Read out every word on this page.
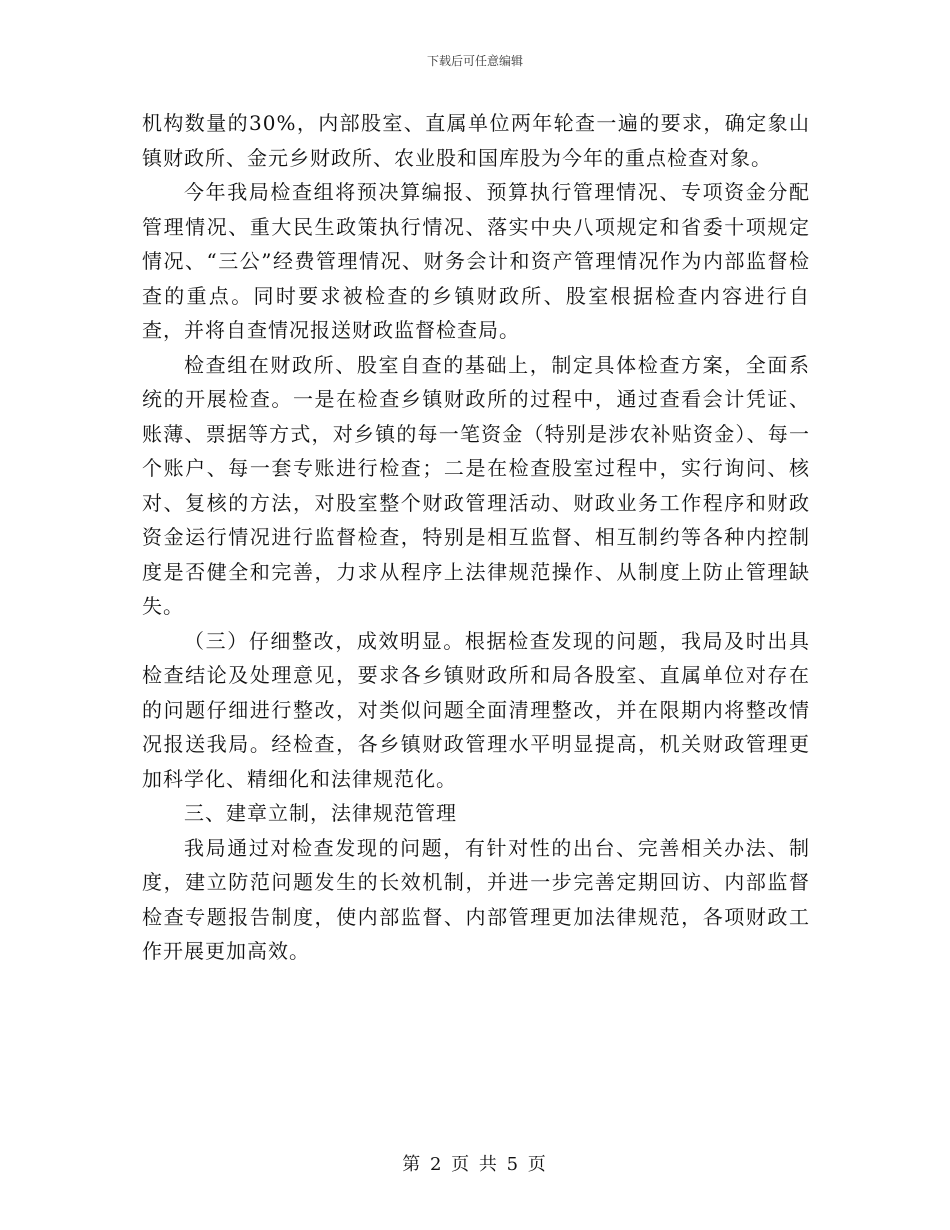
下载后可任意编辑

机构数量的30%，内部股室、直属单位两年轮查一遍的要求，确定象山镇财政所、金元乡财政所、农业股和国库股为今年的重点检查对象。

今年我局检查组将预决算编报、预算执行管理情况、专项资金分配管理情况、重大民生政策执行情况、落实中央八项规定和省委十项规定情况、“三公”经费管理情况、财务会计和资产管理情况作为内部监督检查的重点。同时要求被检查的乡镇财政所、股室根据检查内容进行自查，并将自查情况报送财政监督检查局。

检查组在财政所、股室自查的基础上，制定具体检查方案，全面系统的开展检查。一是在检查乡镇财政所的过程中，通过查看会计凭证、账薄、票据等方式，对乡镇的每一笔资金（特别是涉农补贴资金）、每一个账户、每一套专账进行检查；二是在检查股室过程中，实行询问、核对、复核的方法，对股室整个财政管理活动、财政业务工作程序和财政资金运行情况进行监督检查，特别是相互监督、相互制约等各种内控制度是否健全和完善，力求从程序上法律规范操作、从制度上防止管理缺失。

（三）仔细整改，成效明显。根据检查发现的问题，我局及时出具检查结论及处理意见，要求各乡镇财政所和局各股室、直属单位对存在的问题仔细进行整改，对类似问题全面清理整改，并在限期内将整改情况报送我局。经检查，各乡镇财政管理水平明显提高，机关财政管理更加科学化、精细化和法律规范化。

三、建章立制，法律规范管理

我局通过对检查发现的问题，有针对性的出台、完善相关办法、制度，建立防范问题发生的长效机制，并进一步完善定期回访、内部监督检查专题报告制度，使内部监督、内部管理更加法律规范，各项财政工作开展更加高效。

第 2 页 共 5 页
